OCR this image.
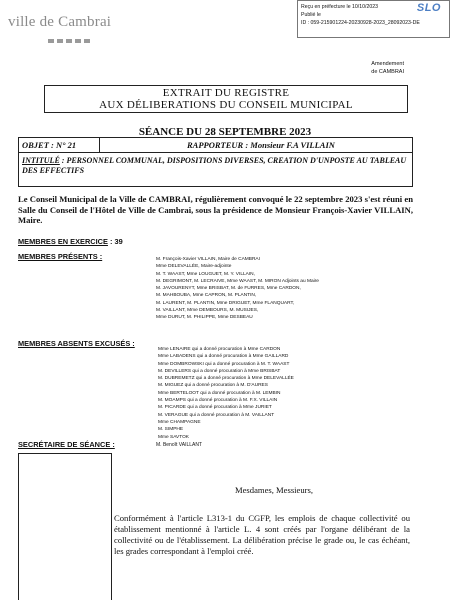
ville de Cambrai
Reçu en préfecture le 10/10/2023
Publié le
ID : 059-215901224-20230928-2023_28092023-DE
SLO
Amendement
de CAMBRAI
EXTRAIT DU REGISTRE
AUX DÉLIBERATIONS DU CONSEIL MUNICIPAL
SÉANCE DU 28 SEPTEMBRE 2023
OBJET : N° 21	RAPPORTEUR : Monsieur F.A VILLAIN
INTITULÉ : PERSONNEL COMMUNAL, DISPOSITIONS DIVERSES, CREATION D'UNPOSTE AU TABLEAU DES EFFECTIFS
Le Conseil Municipal de la Ville de CAMBRAI, régulièrement convoqué le 22 septembre 2023 s'est réuni en Salle du Conseil de l'Hôtel de Ville de Cambrai, sous la présidence de Monsieur François-Xavier VILLAIN, Maire.
MEMBRES EN EXERCICE : 39
MEMBRES PRÉSENTS :	M. François-Xavier VILLAIN, Maire de CAMBRAI
Mme DELEVALLÉE, Maire-adjointe
M. T. WAAST, Mme LOUGUET, M. Y. VILLAIN,
M. DEGRIMONT, M. LECRAIVE, Mme WAAST, M. MIRON Adjoints au Maire
M. JAVOURENYT, Mme BRISBAT, M. de FURRES, Mme CARDON,
M. MAHBOUBA, Mme CAPRON, M. PLANTIN,
M. LAURENT, M. PLANTIN, Mme DRIGUET, Mme FLANQUART,
M. VAILLANT, Mme DEMBOURS, M. MUSIJES,
Mme DURUT, M. PHILIPPE, Mme DESBEAU
MEMBRES ABSENTS EXCUSÉS :
Mme LENAIRE qui a donné procuration à Mme CARDON
Mme LABADENS qui a donné procuration à Mme GAILLARD
Mme DOMBROWSKI qui a donné procuration à M. T. WAAST
M. DEVILLERS qui a donné procuration à Mme BRISBAT
M. DUBREMETZ qui a donné procuration à Mme DELEVALLÉE
M. MIGUEZ qui a donné procuration à M. D'AURES
Mme BERTELOOT qui a donné procuration à M. LEMBIN
M. MOAMPS qui a donné procuration à M. F.X. VILLAIN
M. PICARDE qui a donné procuration à Mme JURIET
M. VERAGUE qui a donné procuration à M. VAILLANT
Mme CHAMPAGNE
M. SIMPHE
Mme SAVTOK
SECRÉTAIRE DE SÉANCE :	M. Benoît VAILLANT
Mesdames, Messieurs,
Conformément à l'article L313-1 du CGFP, les emplois de chaque collectivité ou établissement mentionné à l'article L. 4 sont créés par l'organe délibérant de la collectivité ou de l'établissement. La délibération précise le grade ou, le cas échéant, les grades correspondant à l'emploi créé.
